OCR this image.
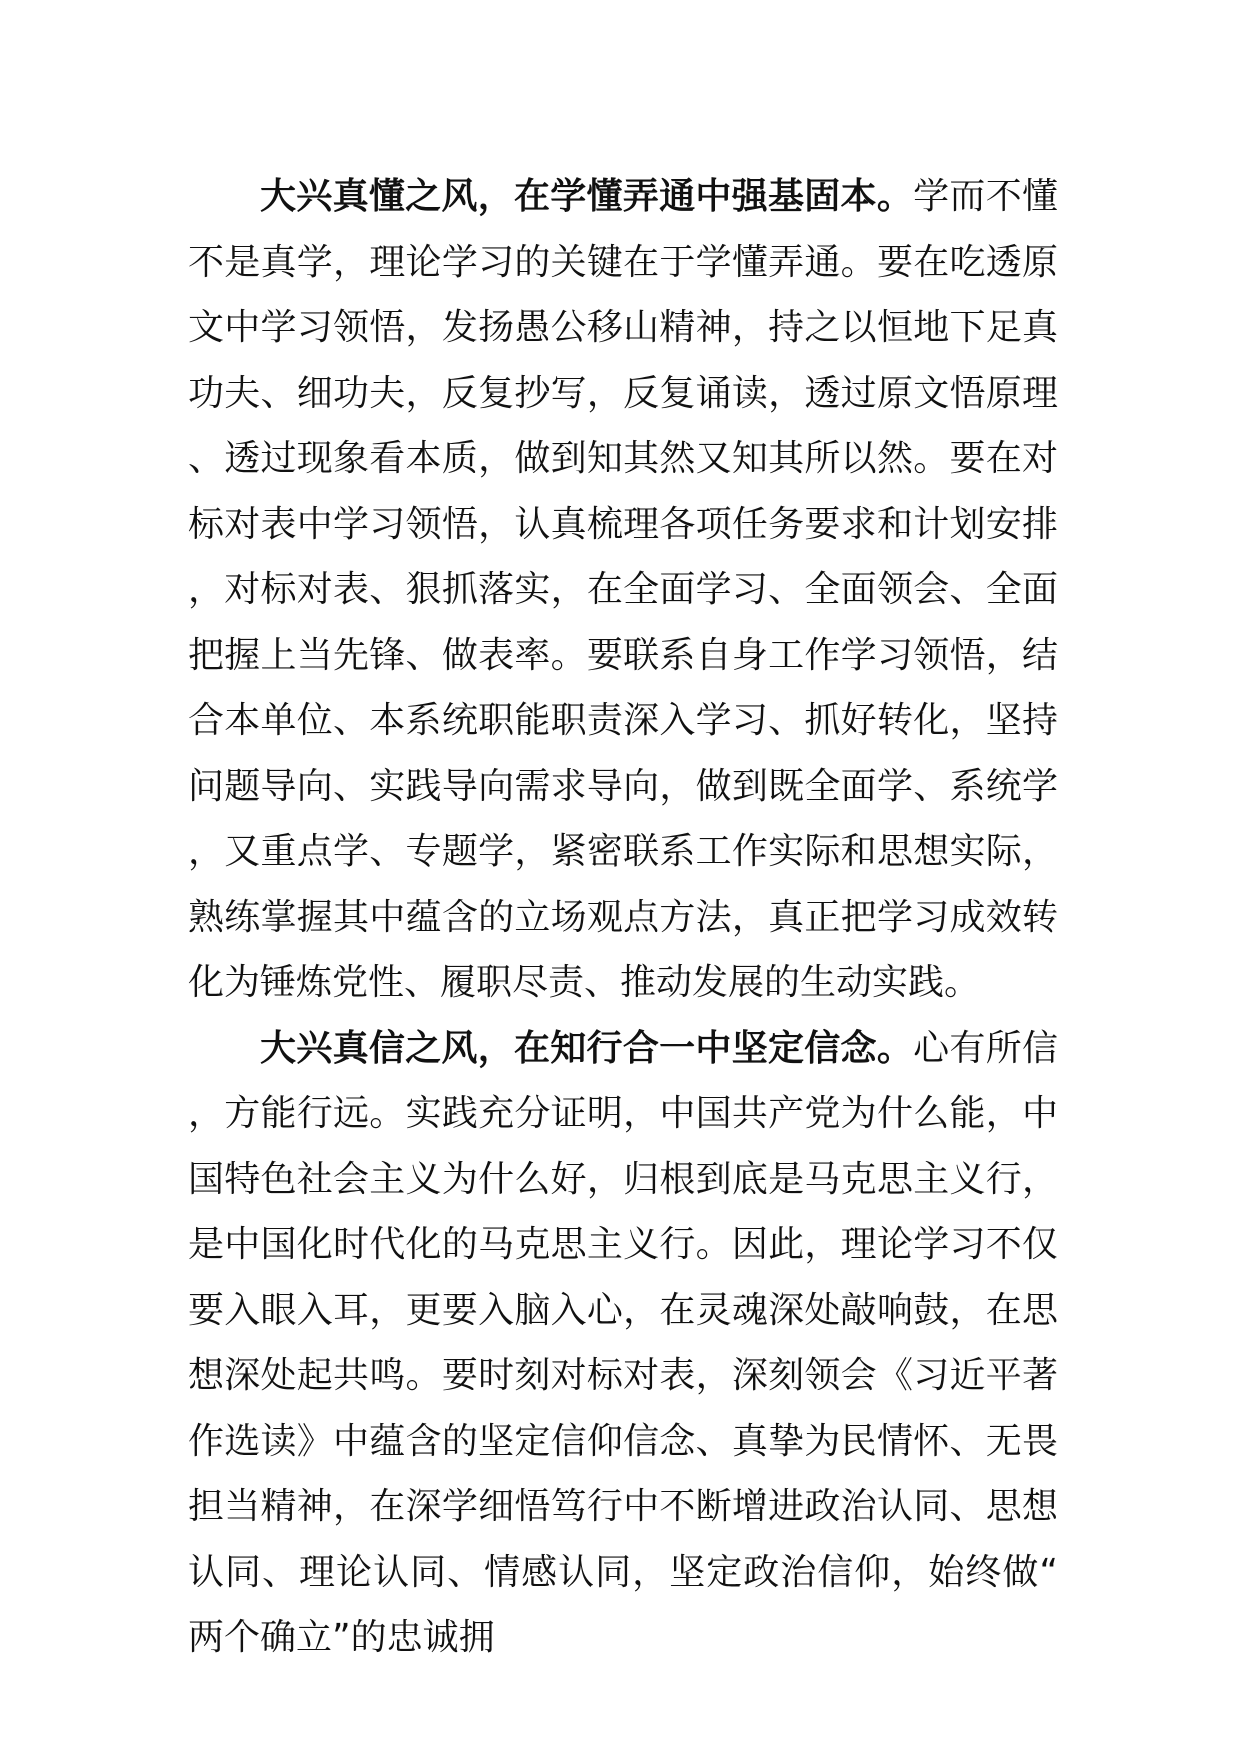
大兴真懂之风，在学懂弄通中强基固本。学而不懂不是真学，理论学习的关键在于学懂弄通。要在吃透原文中学习领悟，发扬愚公移山精神，持之以恒地下足真功夫、细功夫，反复抄写，反复诵读，透过原文悟原理、透过现象看本质，做到知其然又知其所以然。要在对标对表中学习领悟，认真梳理各项任务要求和计划安排，对标对表、狠抓落实，在全面学习、全面领会、全面把握上当先锋、做表率。要联系自身工作学习领悟，结合本单位、本系统职能职责深入学习、抓好转化，坚持问题导向、实践导向需求导向，做到既全面学、系统学，又重点学、专题学，紧密联系工作实际和思想实际，熟练掌握其中蕴含的立场观点方法，真正把学习成效转化为锤炼党性、履职尽责、推动发展的生动实践。

大兴真信之风，在知行合一中坚定信念。心有所信，方能行远。实践充分证明，中国共产党为什么能，中国特色社会主义为什么好，归根到底是马克思主义行，是中国化时代化的马克思主义行。因此，理论学习不仅要入眼入耳，更要入脑入心，在灵魂深处敲响鼓，在思想深处起共鸣。要时刻对标对表，深刻领会《习近平著作选读》中蕴含的坚定信仰信念、真挚为民情怀、无畏担当精神，在深学细悟笃行中不断增进政治认同、思想认同、理论认同、情感认同，坚定政治信仰，始终做“两个确立”的忠诚拥
